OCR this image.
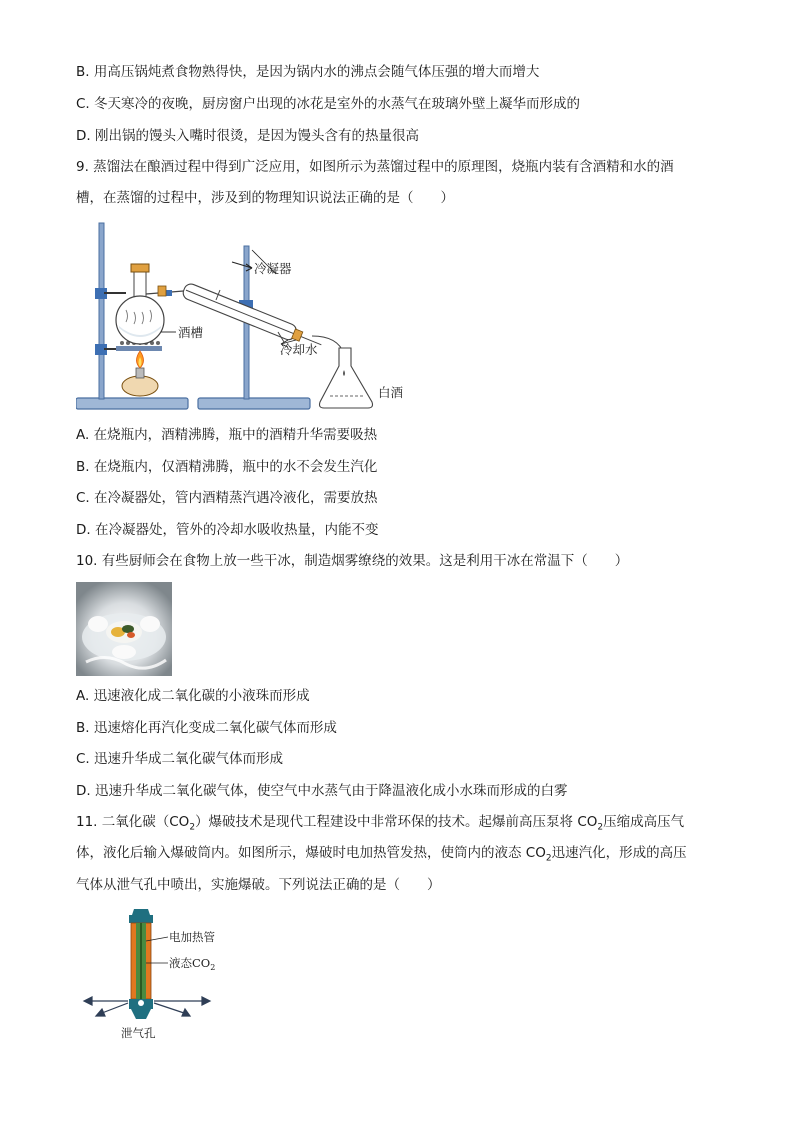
B. 用高压锅炖煮食物熟得快，是因为锅内水的沸点会随气体压强的增大而增大
C. 冬天寒冷的夜晚，厨房窗户出现的冰花是室外的水蒸气在玻璃外壁上凝华而形成的
D. 刚出锅的馒头入嘴时很烫，是因为馒头含有的热量很高
9. 蒸馏法在酿酒过程中得到广泛应用，如图所示为蒸馏过程中的原理图，烧瓶内装有含酒精和水的酒
槽，在蒸馏的过程中，涉及到的物理知识说法正确的是（　　）
酒槽
冷凝器
冷却水
白酒
A. 在烧瓶内，酒精沸腾，瓶中的酒精升华需要吸热
B. 在烧瓶内，仅酒精沸腾，瓶中的水不会发生汽化
C. 在冷凝器处，管内酒精蒸汽遇冷液化，需要放热
D. 在冷凝器处，管外的冷却水吸收热量，内能不变
10. 有些厨师会在食物上放一些干冰，制造烟雾缭绕的效果。这是利用干冰在常温下（　　）
A. 迅速液化成二氧化碳的小液珠而形成
B. 迅速熔化再汽化变成二氧化碳气体而形成
C. 迅速升华成二氧化碳气体而形成
D. 迅速升华成二氧化碳气体，使空气中水蒸气由于降温液化成小水珠而形成的白雾
11. 二氧化碳$(CO_2)$爆破技术是现代工程建设中非常环保的技术。起爆前高压泵将 $CO_2$压缩成高压气
体，液化后输入爆破筒内。如图所示，爆破时电加热管发热，使筒内的液态 $CO_2$迅速汽化，形成的高压
气体从泄气孔中喷出，实施爆破。下列说法正确的是（　　）
电加热管
液态$CO_2$
泄气孔
